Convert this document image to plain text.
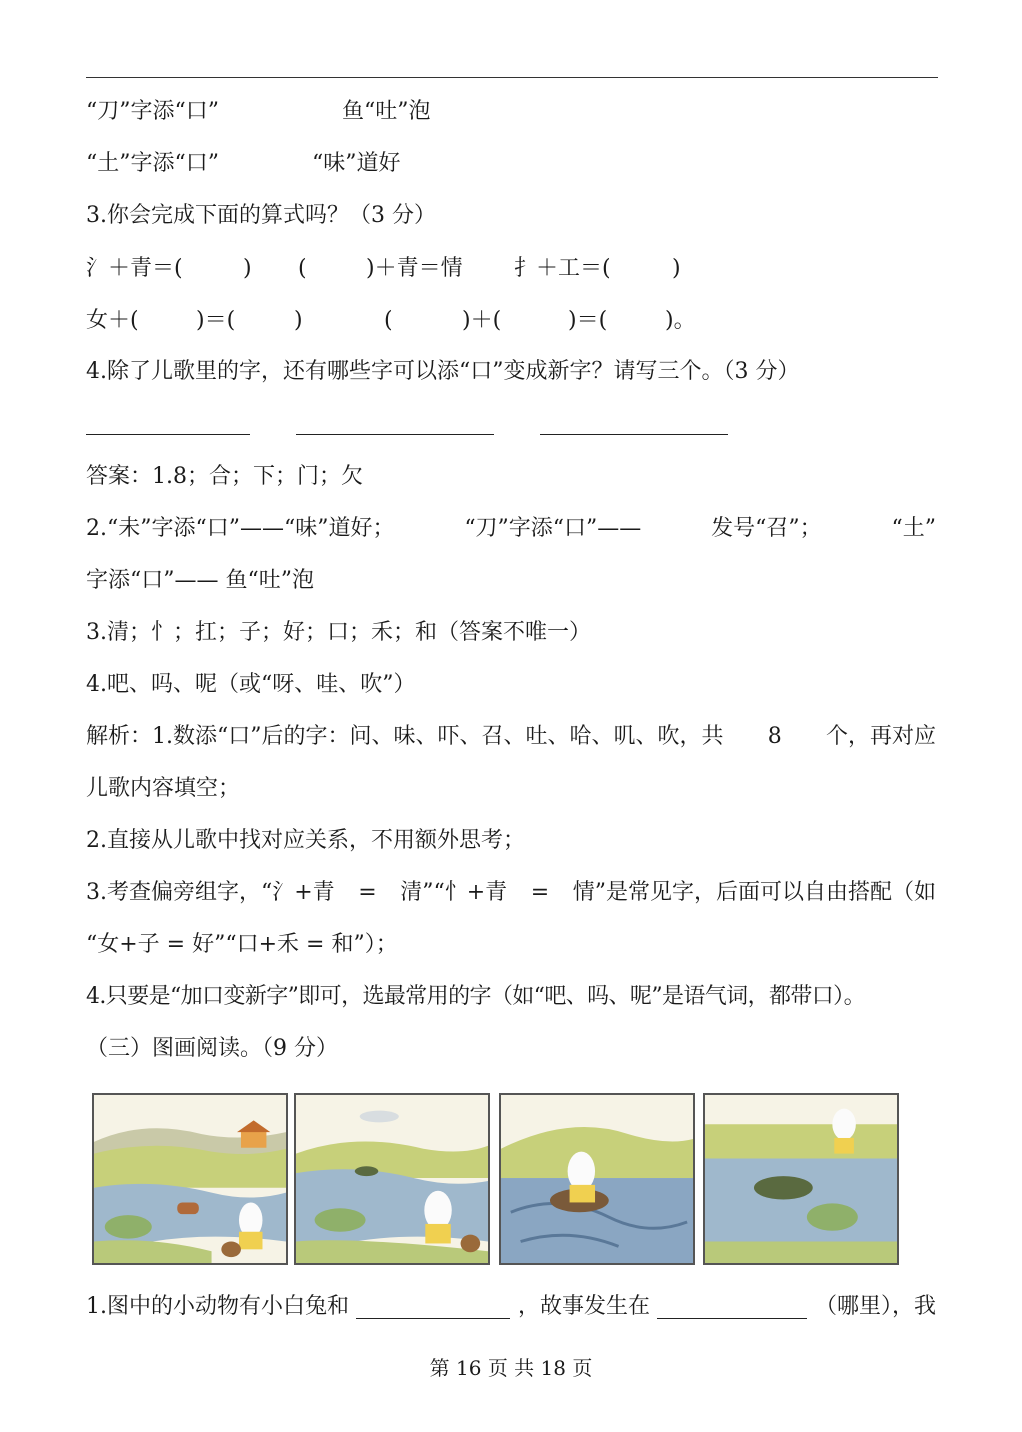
“刀”字添“口”	鱼“吐”泡
“土”字添“口”	“味”道好
3.你会完成下面的算式吗？（3 分）
氵＋青＝(	) (	)＋青＝情 扌＋工＝(	)
女＋(	)＝(	)	(	)＋(	)＝(	)。
4.除了儿歌里的字，还有哪些字可以添“口”变成新字？请写三个。（3 分）
答案：1.8；合；下；门；欠
2.“未”字添“口”——“味”道好；	“刀”字添“口”——	发号“召”；	“土”
字添“口”—— 鱼“吐”泡
3.清；忄；扛；子；好；口；禾；和（答案不唯一）
4.吧、吗、呢（或“呀、哇、吹”）
解析：1.数添“口”后的字：问、味、吓、召、吐、哈、叽、吹，共 8 个，再对应
儿歌内容填空；
2.直接从儿歌中找对应关系，不用额外思考；
3.考查偏旁组字，“氵+青 = 清”“忄+青 = 情”是常见字，后面可以自由搭配（如
“女+子 = 好”“口+禾 = 和”）；
4.只要是“加口变新字”即可，选最常用的字（如“吧、吗、呢”是语气词，都带口）。
（三）图画阅读。（9 分）
1.图中的小动物有小白兔和	，故事发生在	（哪里），我
第 16 页 共 18 页
